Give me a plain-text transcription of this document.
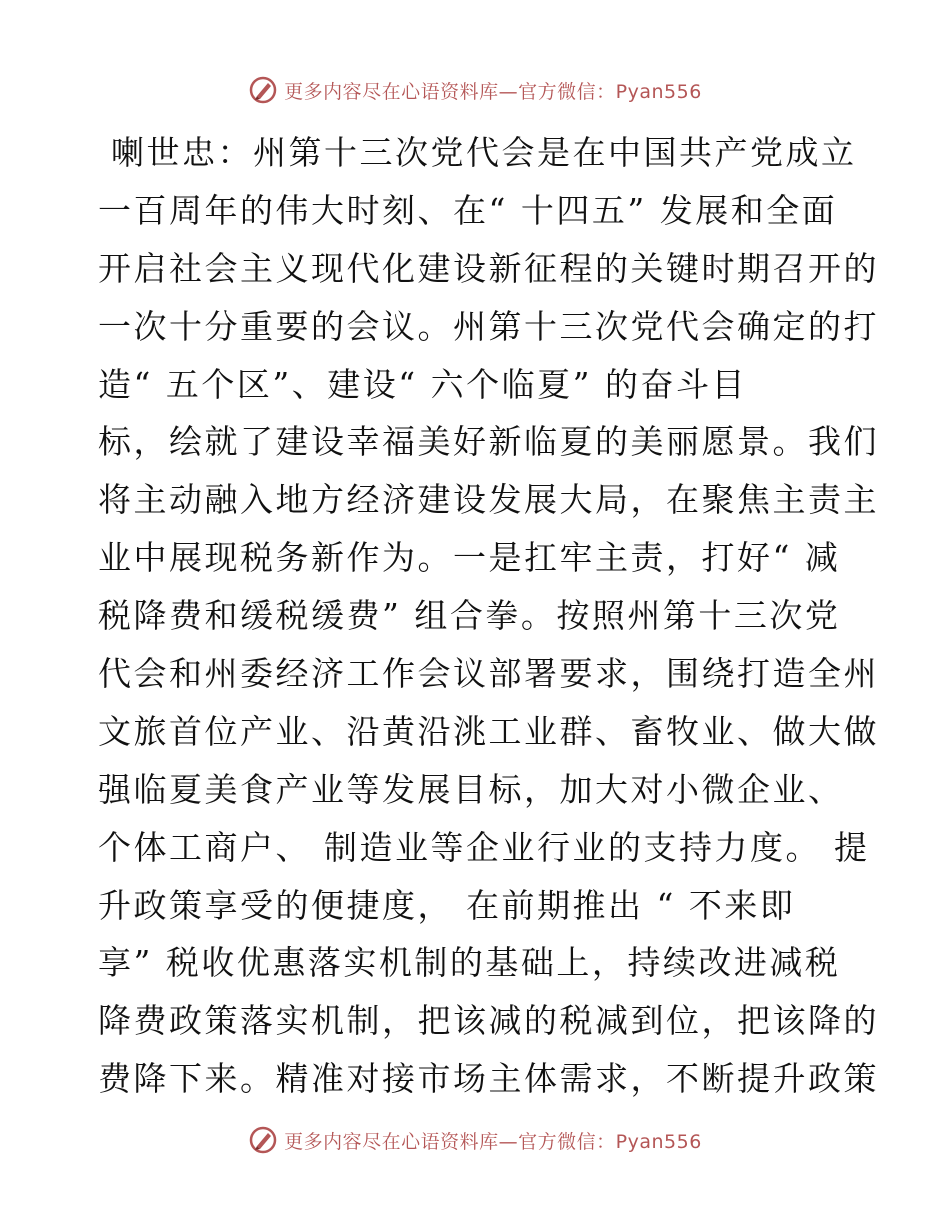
更多内容尽在心语资料库—官方微信：Pyan556
喇世忠：州第十三次党代会是在中国共产党成立
一百周年的伟大时刻、在“ 十四五” 发展和全面
开启社会主义现代化建设新征程的关键时期召开的
一次十分重要的会议。州第十三次党代会确定的打
造“ 五个区”、建设“ 六个临夏” 的奋斗目
标，绘就了建设幸福美好新临夏的美丽愿景。我们
将主动融入地方经济建设发展大局，在聚焦主责主
业中展现税务新作为。一是扛牢主责，打好“ 减
税降费和缓税缓费” 组合拳。按照州第十三次党
代会和州委经济工作会议部署要求，围绕打造全州
文旅首位产业、沿黄沿洮工业群、畜牧业、做大做
强临夏美食产业等发展目标，加大对小微企业、
个体工商户、 制造业等企业行业的支持力度。 提
升政策享受的便捷度， 在前期推出 “ 不来即
享” 税收优惠落实机制的基础上，持续改进减税
降费政策落实机制，把该减的税减到位，把该降的
费降下来。精准对接市场主体需求，不断提升政策
更多内容尽在心语资料库—官方微信：Pyan556
